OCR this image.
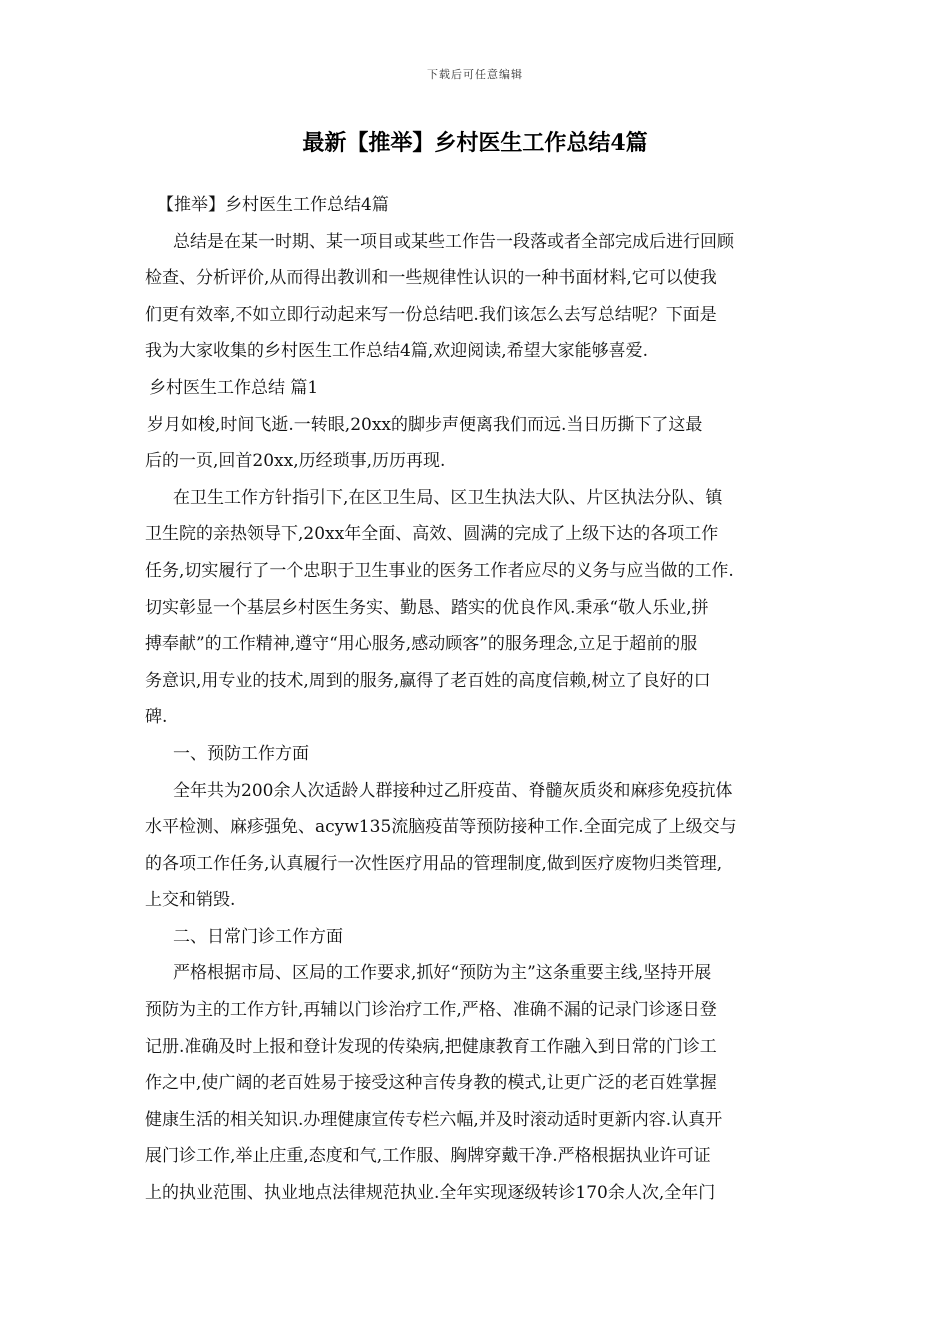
下载后可任意编辑
最新【推举】乡村医生工作总结4篇
【推举】乡村医生工作总结4篇
总结是在某一时期、某一项目或某些工作告一段落或者全部完成后进行回顾
检查、分析评价,从而得出教训和一些规律性认识的一种书面材料,它可以使我
们更有效率,不如立即行动起来写一份总结吧.我们该怎么去写总结呢？下面是
我为大家收集的乡村医生工作总结4篇,欢迎阅读,希望大家能够喜爱.
乡村医生工作总结 篇1
岁月如梭,时间飞逝.一转眼,20xx的脚步声便离我们而远.当日历撕下了这最
后的一页,回首20xx,历经琐事,历历再现.
在卫生工作方针指引下,在区卫生局、区卫生执法大队、片区执法分队、镇
卫生院的亲热领导下,20xx年全面、高效、圆满的完成了上级下达的各项工作
任务,切实履行了一个忠职于卫生事业的医务工作者应尽的义务与应当做的工作.
切实彰显一个基层乡村医生务实、勤恳、踏实的优良作风.秉承“敬人乐业,拼
搏奉献”的工作精神,遵守“用心服务,感动顾客”的服务理念,立足于超前的服
务意识,用专业的技术,周到的服务,赢得了老百姓的高度信赖,树立了良好的口
碑.
一、预防工作方面
全年共为200余人次适龄人群接种过乙肝疫苗、脊髓灰质炎和麻疹免疫抗体
水平检测、麻疹强免、acyw135流脑疫苗等预防接种工作.全面完成了上级交与
的各项工作任务,认真履行一次性医疗用品的管理制度,做到医疗废物归类管理,
上交和销毁.
二、日常门诊工作方面
严格根据市局、区局的工作要求,抓好“预防为主”这条重要主线,坚持开展
预防为主的工作方针,再辅以门诊治疗工作,严格、准确不漏的记录门诊逐日登
记册.准确及时上报和登计发现的传染病,把健康教育工作融入到日常的门诊工
作之中,使广阔的老百姓易于接受这种言传身教的模式,让更广泛的老百姓掌握
健康生活的相关知识.办理健康宣传专栏六幅,并及时滚动适时更新内容.认真开
展门诊工作,举止庄重,态度和气,工作服、胸牌穿戴干净.严格根据执业许可证
上的执业范围、执业地点法律规范执业.全年实现逐级转诊170余人次,全年门
